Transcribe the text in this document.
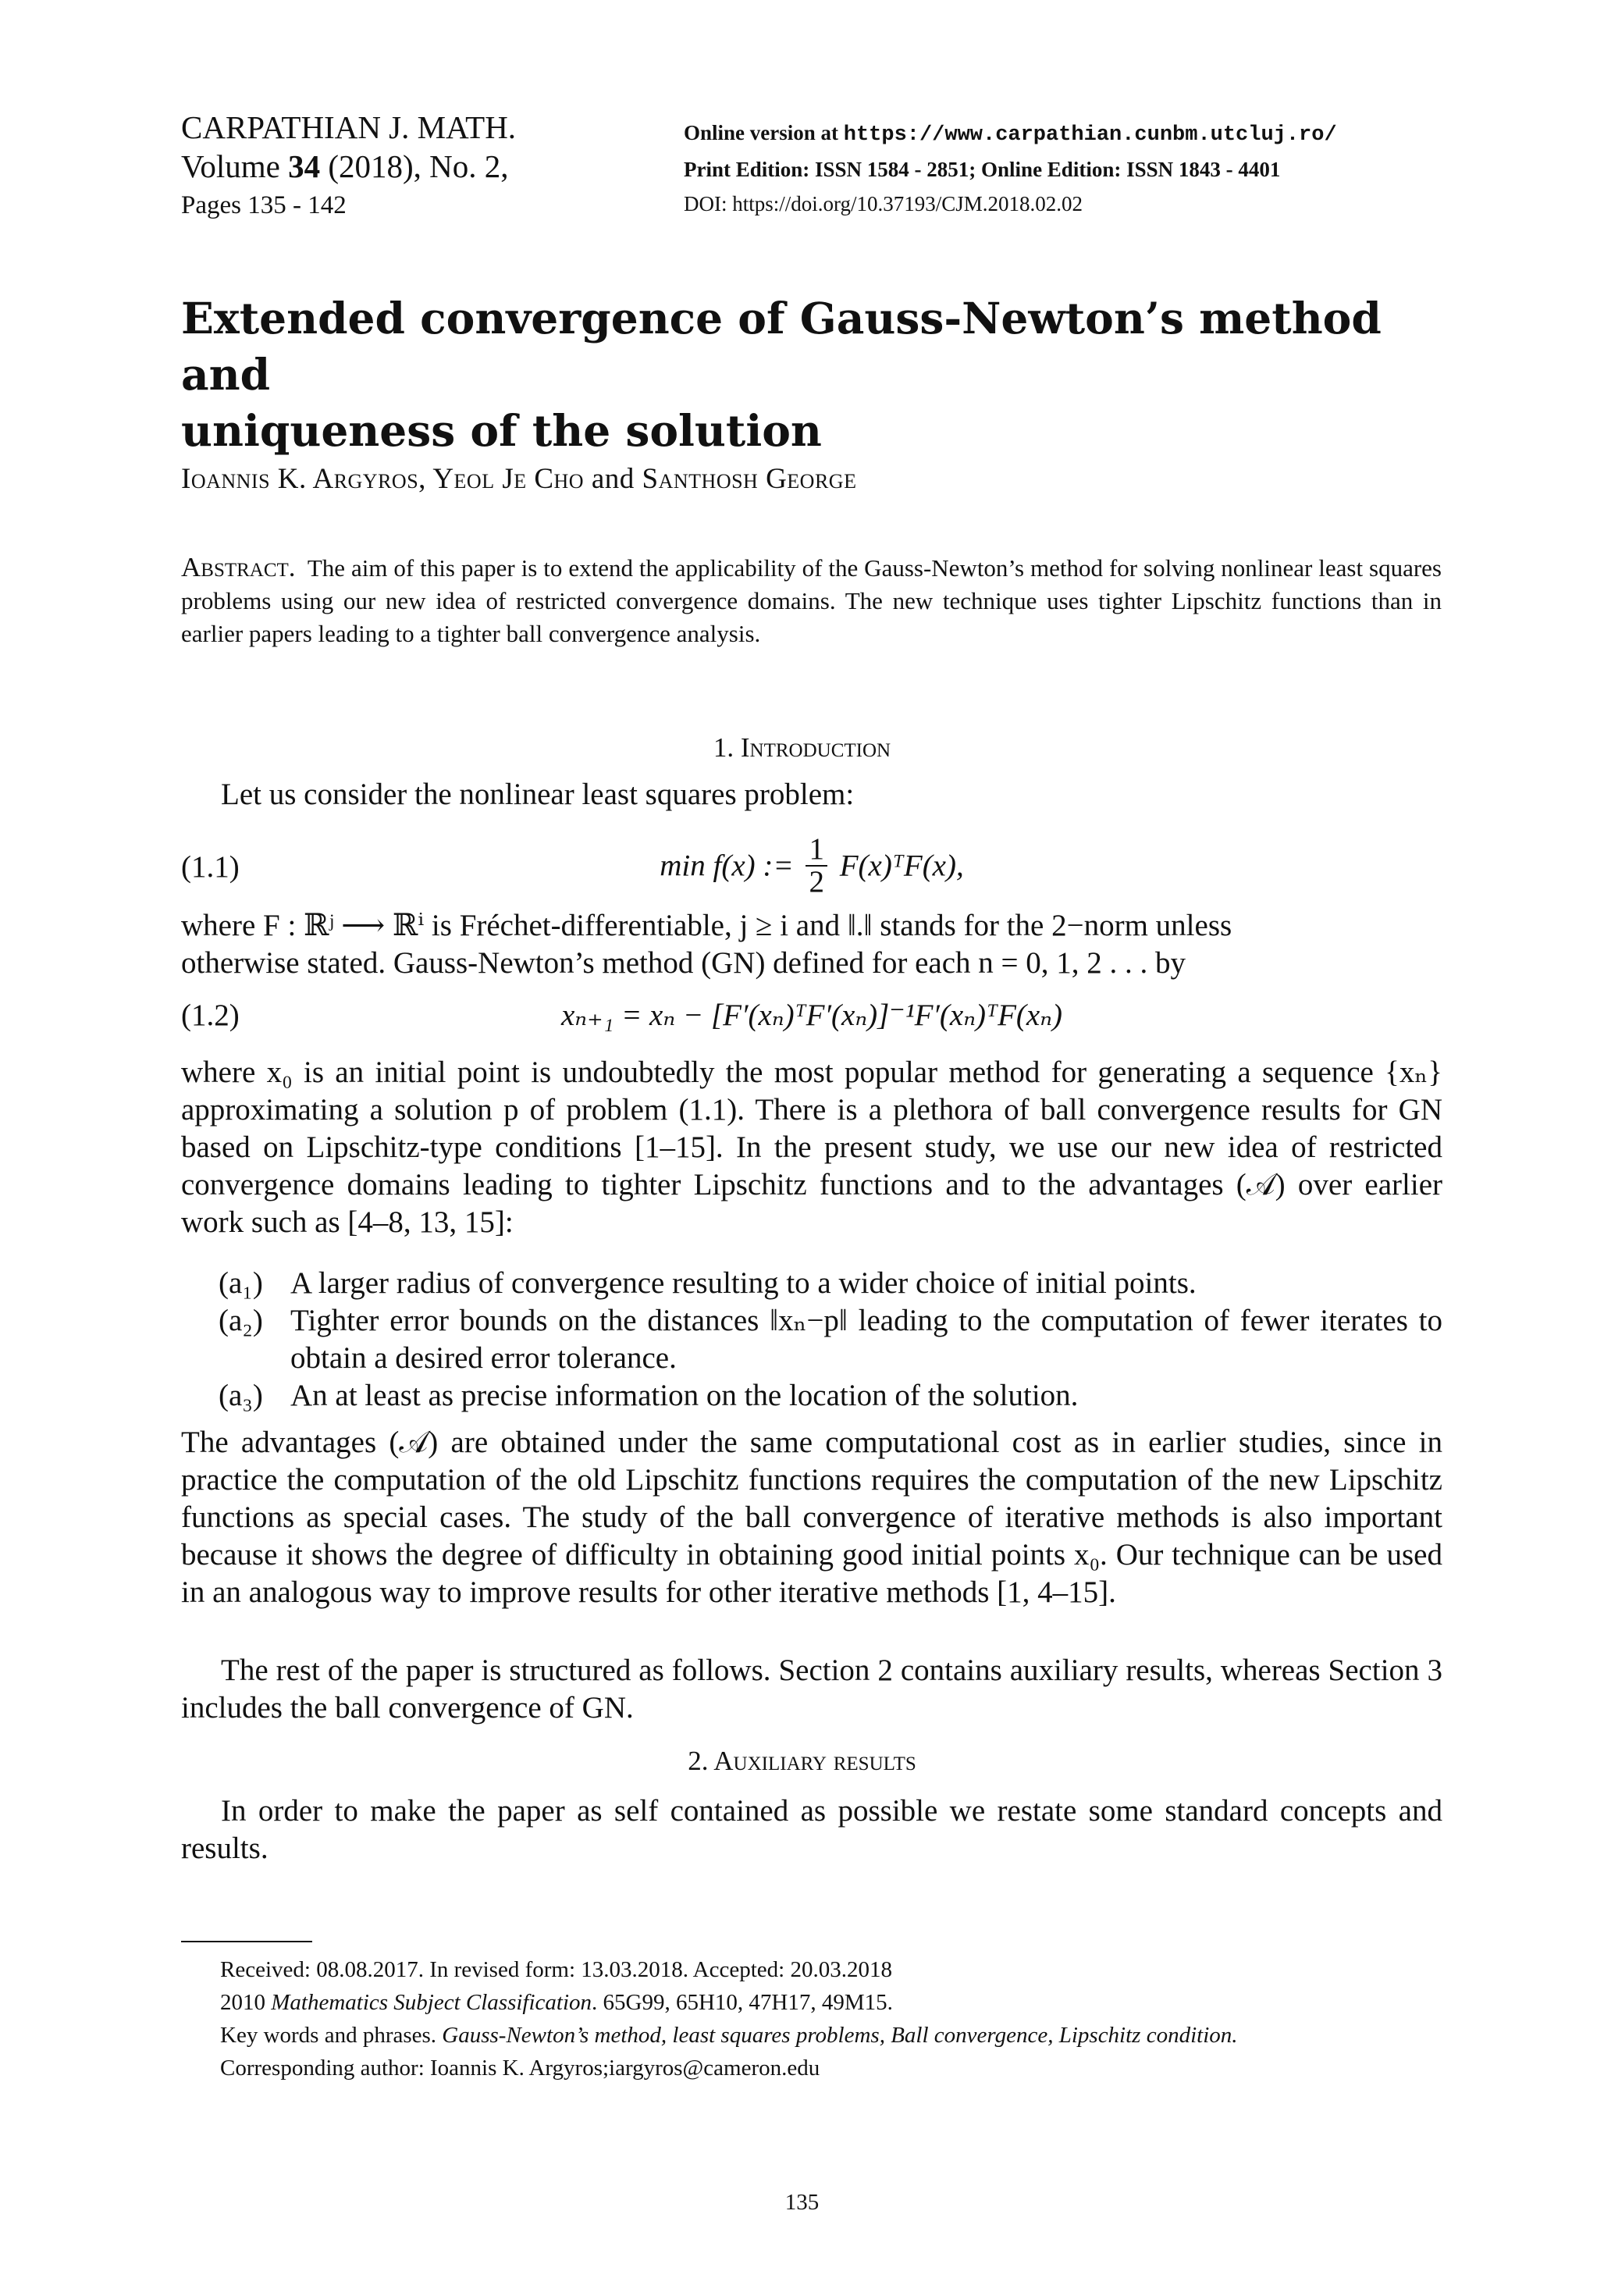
CARPATHIAN J. MATH.
Volume 34 (2018), No. 2,
Pages 135 - 142
Online version at https://www.carpathian.cunbm.utcluj.ro/
Print Edition: ISSN 1584 - 2851; Online Edition: ISSN 1843 - 4401
DOI: https://doi.org/10.37193/CJM.2018.02.02
Extended convergence of Gauss-Newton’s method and
uniqueness of the solution
Ioannis K. Argyros, Yeol Je Cho and Santhosh George
Abstract. The aim of this paper is to extend the applicability of the Gauss-Newton’s method for solving nonlinear least squares problems using our new idea of restricted convergence domains. The new technique uses tighter Lipschitz functions than in earlier papers leading to a tighter ball convergence analysis.
1. Introduction
Let us consider the nonlinear least squares problem:
(1.1)	min f(x) := $\frac{1}{2}$ F(x)ᵀF(x),
where F : ℝʲ ⟶ ℝⁱ is Fréchet-differentiable, j ≥ i and ‖.‖ stands for the 2−norm unless
otherwise stated. Gauss-Newton’s method (GN) defined for each n = 0, 1, 2 . . . by
(1.2)	xₙ₊₁ = xₙ − [F′(xₙ)ᵀF′(xₙ)]⁻¹F′(xₙ)ᵀF(xₙ)
where x₀ is an initial point is undoubtedly the most popular method for generating a sequence {xₙ} approximating a solution p of problem (1.1). There is a plethora of ball convergence results for GN based on Lipschitz-type conditions [1–15]. In the present study, we use our new idea of restricted convergence domains leading to tighter Lipschitz functions and to the advantages (𝒜) over earlier work such as [4–8, 13, 15]:
(a₁) A larger radius of convergence resulting to a wider choice of initial points.
(a₂) Tighter error bounds on the distances ‖xₙ−p‖ leading to the computation of fewer iterates to obtain a desired error tolerance.
(a₃) An at least as precise information on the location of the solution.
The advantages (𝒜) are obtained under the same computational cost as in earlier studies, since in practice the computation of the old Lipschitz functions requires the computation of the new Lipschitz functions as special cases. The study of the ball convergence of iterative methods is also important because it shows the degree of difficulty in obtaining good initial points x₀. Our technique can be used in an analogous way to improve results for other iterative methods [1, 4–15].
The rest of the paper is structured as follows. Section 2 contains auxiliary results, whereas Section 3 includes the ball convergence of GN.
2. Auxiliary results
In order to make the paper as self contained as possible we restate some standard concepts and results.
Received: 08.08.2017. In revised form: 13.03.2018. Accepted: 20.03.2018
2010 Mathematics Subject Classification. 65G99, 65H10, 47H17, 49M15.
Key words and phrases. Gauss-Newton’s method, least squares problems, Ball convergence, Lipschitz condition.
Corresponding author: Ioannis K. Argyros;iargyros@cameron.edu
135
